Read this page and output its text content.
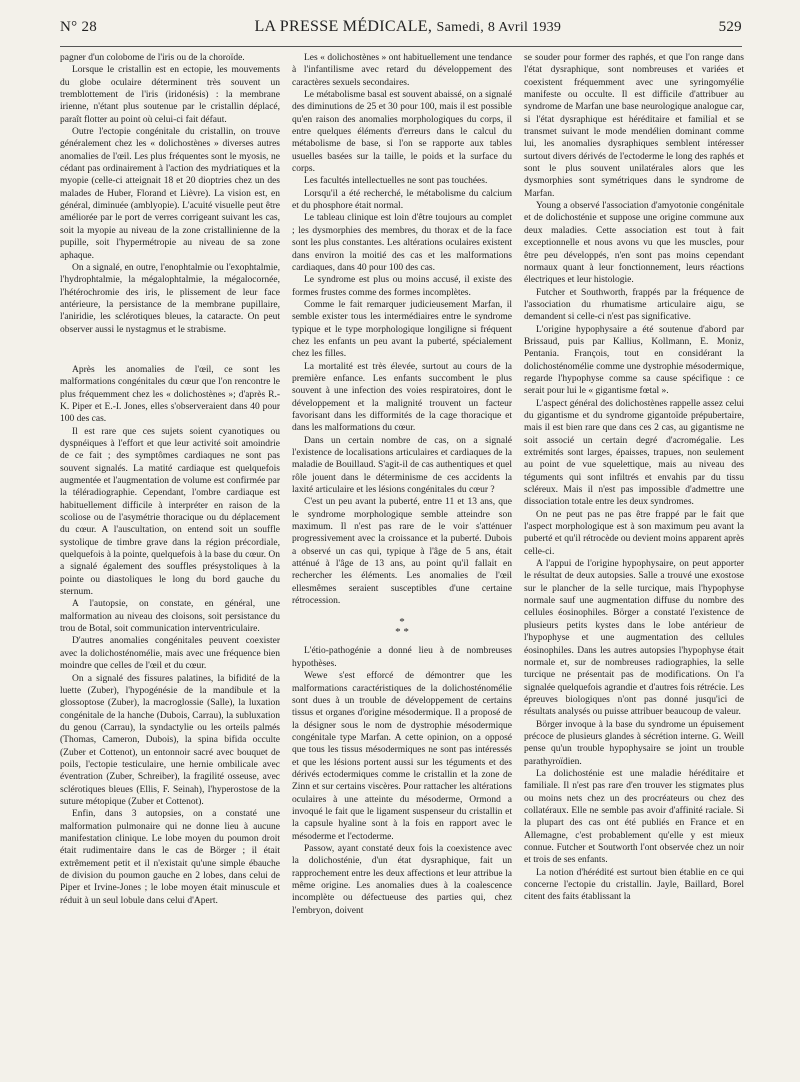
N° 28	LA PRESSE MÉDICALE, Samedi, 8 Avril 1939	529

pagner d'un colobome de l'iris ou de la choroïde.

Lorsque le cristallin est en ectopie, les mouvements du globe oculaire déterminent très souvent un tremblottement de l'iris (iridonésis) : la membrane irienne, n'étant plus soutenue par le cristallin déplacé, paraît flotter au point où celui-ci fait défaut.

Outre l'ectopie congénitale du cristallin, on trouve généralement chez les « dolichostènes » diverses autres anomalies de l'œil. Les plus fréquentes sont le myosis, ne cédant pas ordinairement à l'action des mydriatiques et la myopie (celle-ci atteignait 18 et 20 dioptries chez un des malades de Huber, Florand et Lièvre). La vision est, en général, diminuée (amblyopie). L'acuité visuelle peut être améliorée par le port de verres corrigeant suivant les cas, soit la myopie au niveau de la zone cristallinienne de la pupille, soit l'hypermétropie au niveau de sa zone aphaque.

On a signalé, en outre, l'enophtalmie ou l'exophtalmie, l'hydrophtalmie, la mégalophtalmie, la mégalocornée, l'hétérochromie des iris, le plissement de leur face antérieure, la persistance de la membrane pupillaire, l'aniridie, les sclérotiques bleues, la cataracte. On peut observer aussi le nystagmus et le strabisme.

Après les anomalies de l'œil, ce sont les malformations congénitales du cœur que l'on rencontre le plus fréquemment chez les « dolichostènes »; d'après R.-K. Piper et E.-I. Jones, elles s'observeraient dans 40 pour 100 des cas.

Il est rare que ces sujets soient cyanotiques ou dyspnéiques à l'effort et que leur activité soit amoindrie de ce fait ; des symptômes cardiaques ne sont pas souvent signalés. La matité cardiaque est quelquefois augmentée et l'augmentation de volume est confirmée par la téléradiographie. Cependant, l'ombre cardiaque est habituellement difficile à interpréter en raison de la scoliose ou de l'asymétrie thoracique ou du déplacement du cœur. A l'auscultation, on entend soit un souffle systolique de timbre grave dans la région précordiale, quelquefois à la pointe, quelquefois à la base du cœur. On a signalé également des souffles présystoliques à la pointe ou diastoliques le long du bord gauche du sternum.

A l'autopsie, on constate, en général, une malformation au niveau des cloisons, soit persistance du trou de Botal, soit communication interventriculaire.

D'autres anomalies congénitales peuvent coexister avec la dolichosténomélie, mais avec une fréquence bien moindre que celles de l'œil et du cœur.

On a signalé des fissures palatines, la bifidité de la luette (Zuber), l'hypogénésie de la mandibule et la glossoptose (Zuber), la macroglossie (Salle), la luxation congénitale de la hanche (Dubois, Carrau), la subluxation du genou (Carrau), la syndactylie ou les orteils palmés (Thomas, Cameron, Dubois), la spina bifida occulte (Zuber et Cottenot), un entonnoir sacré avec bouquet de poils, l'ectopie testiculaire, une hernie ombilicale avec éventration (Zuber, Schreiber), la fragilité osseuse, avec sclérotiques bleues (Ellis, F. Seinah), l'hyperostose de la suture métopique (Zuber et Cottenot).

Enfin, dans 3 autopsies, on a constaté une malformation pulmonaire qui ne donne lieu à aucune manifestation clinique. Le lobe moyen du poumon droit était rudimentaire dans le cas de Börger ; il était extrêmement petit et il n'existait qu'une simple ébauche de division du poumon gauche en 2 lobes, dans celui de Piper et Irvine-Jones ; le lobe moyen était minuscule et réduit à un seul lobule dans celui d'Apert.

Les « dolichostènes » ont habituellement une tendance à l'infantilisme avec retard du développement des caractères sexuels secondaires.

Le métabolisme basal est souvent abaissé, on a signalé des diminutions de 25 et 30 pour 100, mais il est possible qu'en raison des anomalies morphologiques du corps, il entre quelques éléments d'erreurs dans le calcul du métabolisme de base, si l'on se rapporte aux tables usuelles basées sur la taille, le poids et la surface du corps.

Les facultés intellectuelles ne sont pas touchées.

Lorsqu'il a été recherché, le métabolisme du calcium et du phosphore était normal.

Le tableau clinique est loin d'être toujours au complet ; les dysmorphies des membres, du thorax et de la face sont les plus constantes. Les altérations oculaires existent dans environ la moitié des cas et les malformations cardiaques, dans 40 pour 100 des cas.

Le syndrome est plus ou moins accusé, il existe des formes frustes comme des formes incomplètes.

Comme le fait remarquer judicieusement Marfan, il semble exister tous les intermédiaires entre le syndrome typique et le type morphologique longiligne si fréquent chez les enfants un peu avant la puberté, spécialement chez les filles.

La mortalité est très élevée, surtout au cours de la première enfance. Les enfants succombent le plus souvent à une infection des voies respiratoires, dont le développement et la malignité trouvent un facteur favorisant dans les difformités de la cage thoracique et dans les malformations du cœur.

Dans un certain nombre de cas, on a signalé l'existence de localisations articulaires et cardiaques de la maladie de Bouillaud. S'agit-il de cas authentiques et quel rôle jouent dans le déterminisme de ces accidents la laxité articulaire et les lésions congénitales du cœur ?

C'est un peu avant la puberté, entre 11 et 13 ans, que le syndrome morphologique semble atteindre son maximum. Il n'est pas rare de le voir s'atténuer progressivement avec la croissance et la puberté. Dubois a observé un cas qui, typique à l'âge de 5 ans, était atténué à l'âge de 13 ans, au point qu'il fallait en rechercher les éléments. Les anomalies de l'œil ellesmêmes seraient susceptibles d'une certaine rétrocession.

*
* *

L'étio-pathogénie a donné lieu à de nombreuses hypothèses.

Wewe s'est efforcé de démontrer que les malformations caractéristiques de la dolichosténomélie sont dues à un trouble de développement de certains tissus et organes d'origine mésodermique. Il a proposé de la désigner sous le nom de dystrophie mésodermique congénitale type Marfan. A cette opinion, on a opposé que tous les tissus mésodermiques ne sont pas intéressés et que les lésions portent aussi sur les téguments et des dérivés ectodermiques comme le cristallin et la zone de Zinn et sur certains viscères. Pour rattacher les altérations oculaires à une atteinte du mésoderme, Ormond a invoqué le fait que le ligament suspenseur du cristallin et la capsule hyaline sont à la fois en rapport avec le mésoderme et l'ectoderme.

Passow, ayant constaté deux fois la coexistence avec la dolichosténie, d'un état dysraphique, fait un rapprochement entre les deux affections et leur attribue la même origine. Les anomalies dues à la coalescence incomplète ou défectueuse des parties qui, chez l'embryon, doivent

se souder pour former des raphés, et que l'on range dans l'état dysraphique, sont nombreuses et variées et coexistent fréquemment avec une syringomyélie manifeste ou occulte. Il est difficile d'attribuer au syndrome de Marfan une base neurologique analogue car, si l'état dysraphique est héréditaire et familial et se transmet suivant le mode mendélien dominant comme lui, les anomalies dysraphiques semblent intéresser surtout divers dérivés de l'ectoderme le long des raphés et sont le plus souvent unilatérales alors que les dysmorphies sont symétriques dans le syndrome de Marfan.

Young a observé l'association d'amyotonie congénitale et de dolichosténie et suppose une origine commune aux deux maladies. Cette association est tout à fait exceptionnelle et nous avons vu que les muscles, pour être peu développés, n'en sont pas moins cependant normaux quant à leur fonctionnement, leurs réactions électriques et leur histologie.

Futcher et Southworth, frappés par la fréquence de l'association du rhumatisme articulaire aigu, se demandent si celle-ci n'est pas significative.

L'origine hypophysaire a été soutenue d'abord par Brissaud, puis par Kallius, Kollmann, E. Moniz, Pentania. François, tout en considérant la dolichosténomélie comme une dystrophie mésodermique, regarde l'hypophyse comme sa cause spécifique : ce serait pour lui le « gigantisme fœtal ».

L'aspect général des dolichostènes rappelle assez celui du gigantisme et du syndrome gigantoïde prépubertaire, mais il est bien rare que dans ces 2 cas, au gigantisme ne soit associé un certain degré d'acromégalie. Les extrémités sont larges, épaisses, trapues, non seulement au point de vue squelettique, mais au niveau des téguments qui sont infiltrés et envahis par du tissu scléreux. Mais il n'est pas impossible d'admettre une dissociation totale entre les deux syndromes.

On ne peut pas ne pas être frappé par le fait que l'aspect morphologique est à son maximum peu avant la puberté et qu'il rétrocède ou devient moins apparent après celle-ci.

A l'appui de l'origine hypophysaire, on peut apporter le résultat de deux autopsies. Salle a trouvé une exostose sur le plancher de la selle turcique, mais l'hypophyse normale sauf une augmentation diffuse du nombre des cellules éosinophiles. Börger a constaté l'existence de plusieurs petits kystes dans le lobe antérieur de l'hypophyse et une augmentation des cellules éosinophiles. Dans les autres autopsies l'hypophyse était normale et, sur de nombreuses radiographies, la selle turcique ne présentait pas de modifications. On l'a signalée quelquefois agrandie et d'autres fois rétrécie. Les épreuves biologiques n'ont pas donné jusqu'ici de résultats analysés ou puisse attribuer beaucoup de valeur.

Börger invoque à la base du syndrome un épuisement précoce de plusieurs glandes à sécrétion interne. G. Weill pense qu'un trouble hypophysaire se joint un trouble parathyroïdien.

La dolichosténie est une maladie héréditaire et familiale. Il n'est pas rare d'en trouver les stigmates plus ou moins nets chez un des procréateurs ou chez des collatéraux. Elle ne semble pas avoir d'affinité raciale. Si la plupart des cas ont été publiés en France et en Allemagne, c'est probablement qu'elle y est mieux connue. Futcher et Soutworth l'ont observée chez un noir et trois de ses enfants.

La notion d'hérédité est surtout bien établie en ce qui concerne l'ectopie du cristallin. Jayle, Baillard, Borel citent des faits établissant la
